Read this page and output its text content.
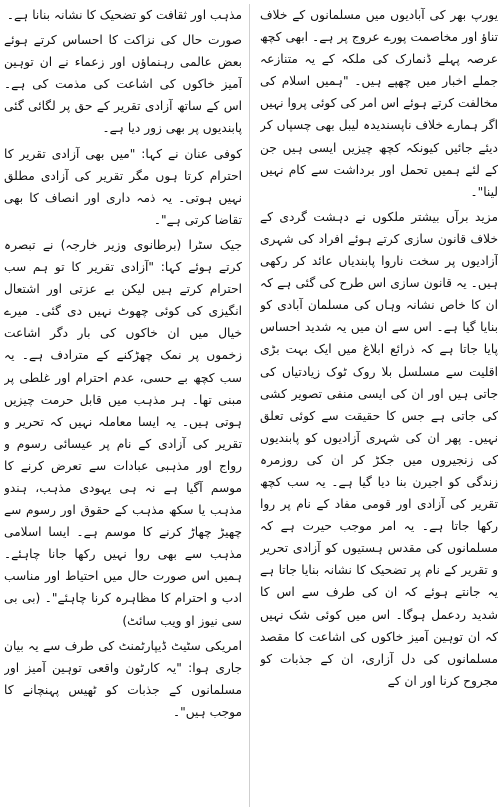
یورپ بھر کی آبادیوں میں مسلمانوں کے خلاف تناؤ اور مخاصمت پورے عروج پر ہے۔ ابھی کچھ عرصہ پہلے ڈنمارک کی ملکہ کے یہ متنازعہ جملے اخبار میں چھپے ہیں۔ "ہمیں اسلام کی مخالفت کرتے ہوئے اس امر کی کوئی پروا نہیں اگر ہمارے خلاف ناپسندیدہ لیبل بھی چسپاں کر دیئے جائیں کیونکہ کچھ چیزیں ایسی ہیں جن کے لئے ہمیں تحمل اور برداشت سے کام نہیں لینا"۔

مزید برآں بیشتر ملکوں نے دہشت گردی کے خلاف قانون سازی کرتے ہوئے افراد کی شہری آزادیوں پر سخت ناروا پابندیاں عائد کر رکھی ہیں۔ یہ قانون سازی اس طرح کی گئی ہے کہ ان کا خاص نشانہ وہاں کی مسلمان آبادی کو بنایا گیا ہے۔ اس سے ان میں یہ شدید احساس پایا جاتا ہے کہ ذرائع ابلاغ میں ایک بہت بڑی اقلیت سے مسلسل بلا روک ٹوک زیادتیاں کی جاتی ہیں اور ان کی ایسی منفی تصویر کشی کی جاتی ہے جس کا حقیقت سے کوئی تعلق نہیں۔ پھر ان کی شہری آزادیوں کو پابندیوں کی زنجیروں میں جکڑ کر ان کی روزمرہ زندگی کو اجیرن بنا دیا گیا ہے۔ یہ سب کچھ تقریر کی آزادی اور قومی مفاد کے نام پر روا رکھا جاتا ہے۔ یہ امر موجب حیرت ہے کہ مسلمانوں کی مقدس ہستیوں کو آزادی تحریر و تقریر کے نام پر تضحیک کا نشانہ بنایا جاتا ہے یہ جانتے ہوئے کہ ان کی طرف سے اس کا شدید ردعمل ہوگا۔ اس میں کوئی شک نہیں کہ ان توہین آمیز خاکوں کی اشاعت کا مقصد مسلمانوں کی دل آزاری، ان کے جذبات کو مجروح کرنا اور ان کے

مذہب اور ثقافت کو تضحیک کا نشانہ بنانا ہے۔

صورت حال کی نزاکت کا احساس کرتے ہوئے بعض عالمی رہنماؤں اور زعماء نے ان توہین آمیز خاکوں کی اشاعت کی مذمت کی ہے۔ اس کے ساتھ آزادی تقریر کے حق پر لگائی گئی پابندیوں پر بھی زور دیا ہے۔

کوفی عنان نے کہا: "میں بھی آزادی تقریر کا احترام کرتا ہوں مگر تقریر کی آزادی مطلق نہیں ہوتی۔ یہ ذمہ داری اور انصاف کا بھی تقاضا کرتی ہے"۔

جیک سٹرا (برطانوی وزیر خارجہ) نے تبصرہ کرتے ہوئے کہا: "آزادی تقریر کا تو ہم سب احترام کرتے ہیں لیکن بے عزتی اور اشتعال انگیزی کی کوئی چھوٹ نہیں دی گئی۔ میرے خیال میں ان خاکوں کی بار دگر اشاعت زخموں پر نمک چھڑکنے کے مترادف ہے۔ یہ سب کچھ بے حسی، عدم احترام اور غلطی پر مبنی تھا۔ ہر مذہب میں قابل حرمت چیزیں ہوتی ہیں۔ یہ ایسا معاملہ نہیں کہ تحریر و تقریر کی آزادی کے نام پر عیسائی رسوم و رواج اور مذہبی عبادات سے تعرض کرنے کا موسم آگیا ہے نہ ہی یہودی مذہب، ہندو مذہب یا سکھ مذہب کے حقوق اور رسوم سے چھیڑ چھاڑ کرنے کا موسم ہے۔ ایسا اسلامی مذہب سے بھی روا نہیں رکھا جانا چاہئے۔ ہمیں اس صورت حال میں احتیاط اور مناسب ادب و احترام کا مظاہرہ کرنا چاہئے"۔ (بی بی سی نیوز او ویب سائٹ)

امریکی سٹیٹ ڈیپارٹمنٹ کی طرف سے یہ بیان جاری ہوا: "یہ کارٹون واقعی توہین آمیز اور مسلمانوں کے جذبات کو ٹھیس پہنچانے کا موجب ہیں"۔
